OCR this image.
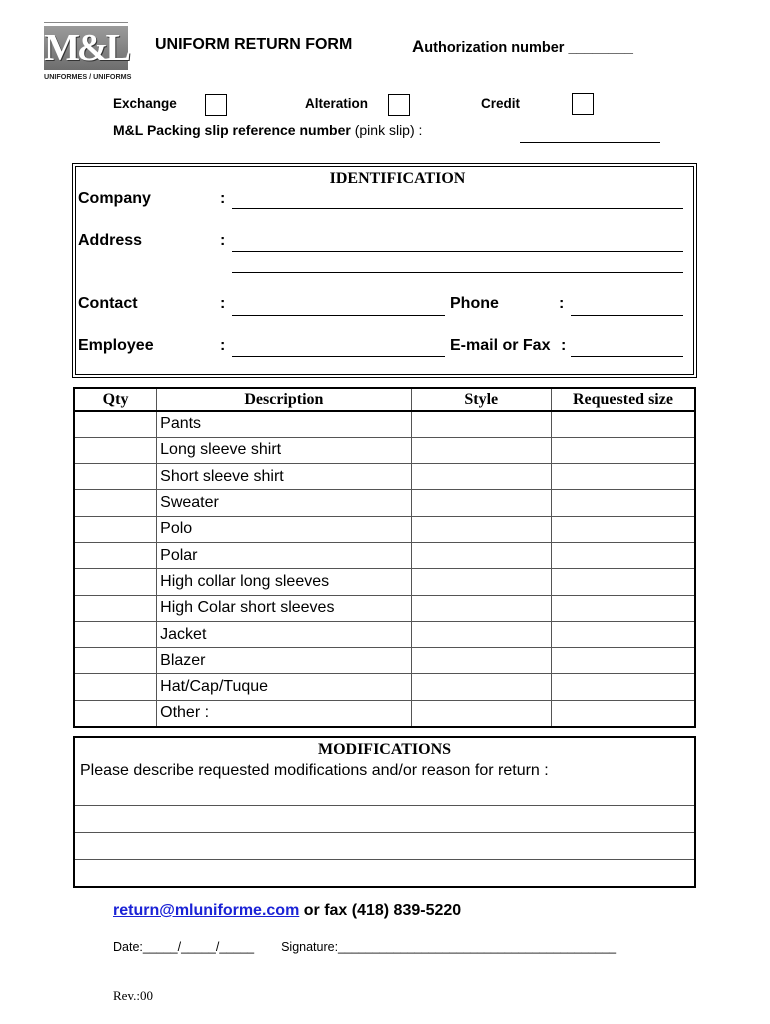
M&L
UNIFORMES / UNIFORMS
UNIFORM RETURN FORM	Authorization number ________
Exchange	Alteration	Credit
M&L Packing slip reference number (pink slip) :
IDENTIFICATION
Company	:
Address	:
Contact	:	Phone	:
Employee	:	E-mail or Fax :
Qty	Description	Style	Requested size
	Pants		
	Long sleeve shirt		
	Short sleeve shirt		
	Sweater		
	Polo		
	Polar		
	High collar long sleeves		
	High Colar short sleeves		
	Jacket		
	Blazer		
	Hat/Cap/Tuque		
	Other :		
MODIFICATIONS
Please describe requested modifications and/or reason for return :
return@mluniforme.com or fax (418) 839-5220
Date:_____/_____/_____ Signature:________________________________________
Rev.:00
